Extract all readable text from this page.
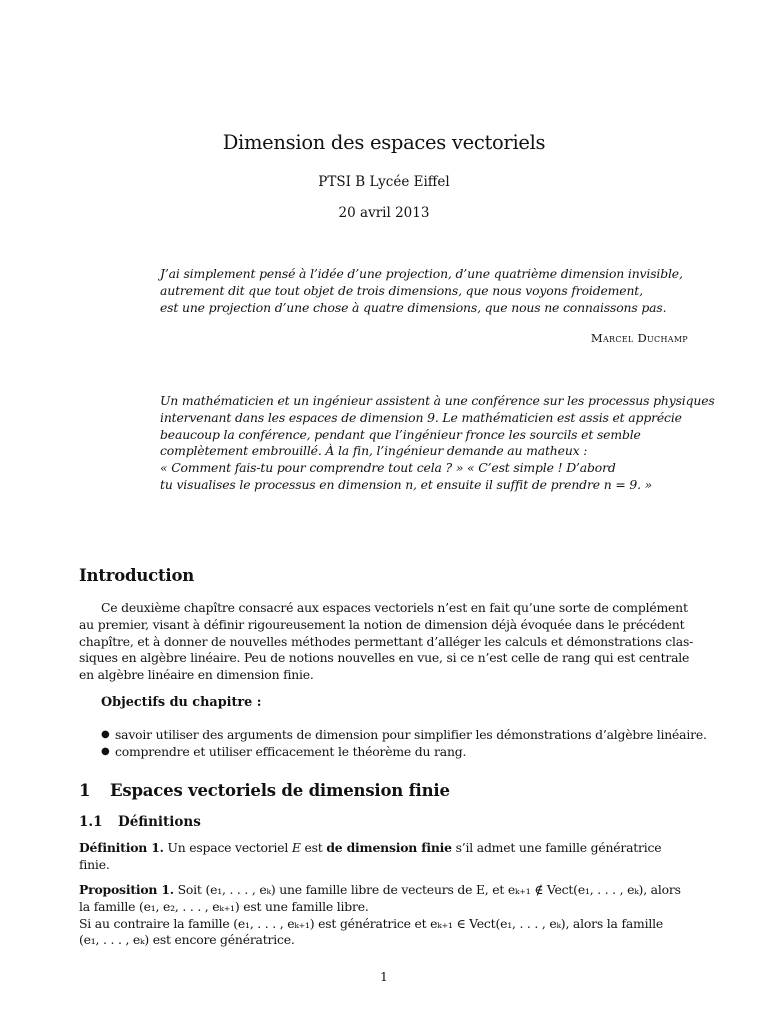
Dimension des espaces vectoriels
PTSI B Lycée Eiffel
20 avril 2013
J’ai simplement pensé à l’idée d’une projection, d’une quatrième dimension invisible,
autrement dit que tout objet de trois dimensions, que nous voyons froidement,
est une projection d’une chose à quatre dimensions, que nous ne connaissons pas.
Marcel Duchamp
Un mathématicien et un ingénieur assistent à une conférence sur les processus physiques
intervenant dans les espaces de dimension 9. Le mathématicien est assis et apprécie
beaucoup la conférence, pendant que l’ingénieur fronce les sourcils et semble
complètement embrouillé. À la fin, l’ingénieur demande au matheux :
« Comment fais-tu pour comprendre tout cela ? » « C’est simple ! D’abord
tu visualises le processus en dimension n, et ensuite il suffit de prendre n = 9. »
Introduction
Ce deuxième chapître consacré aux espaces vectoriels n’est en fait qu’une sorte de complément
au premier, visant à définir rigoureusement la notion de dimension déjà évoquée dans le précédent
chapître, et à donner de nouvelles méthodes permettant d’alléger les calculs et démonstrations clas-
siques en algèbre linéaire. Peu de notions nouvelles en vue, si ce n’est celle de rang qui est centrale
en algèbre linéaire en dimension finie.
Objectifs du chapitre :
● savoir utiliser des arguments de dimension pour simplifier les démonstrations d’algèbre linéaire.
● comprendre et utiliser efficacement le théorème du rang.
1 Espaces vectoriels de dimension finie
1.1 Définitions
Définition 1. Un espace vectoriel E est de dimension finie s’il admet une famille génératrice
finie.
Proposition 1. Soit (e₁, . . . , eₖ) une famille libre de vecteurs de E, et eₖ₊₁ ∉ Vect(e₁, . . . , eₖ), alors
la famille (e₁, e₂, . . . , eₖ₊₁) est une famille libre.
Si au contraire la famille (e₁, . . . , eₖ₊₁) est génératrice et eₖ₊₁ ∈ Vect(e₁, . . . , eₖ), alors la famille
(e₁, . . . , eₖ) est encore génératrice.
1
